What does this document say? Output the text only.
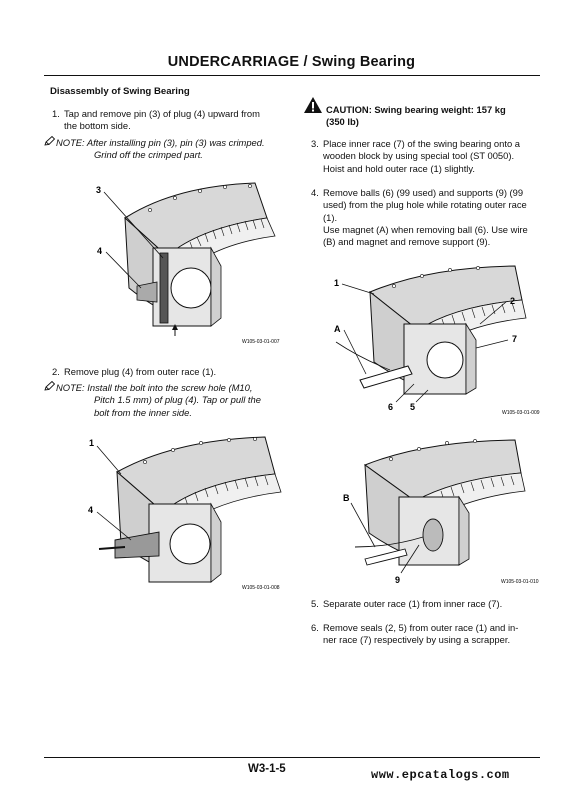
UNDERCARRIAGE / Swing Bearing
Disassembly of Swing Bearing
1. Tap and remove pin (3) of plug (4) upward from
the bottom side.
NOTE: After installing pin (3), pin (3) was crimped.
Grind off the crimped part.
3
4
W105-03-01-007
2. Remove plug (4) from outer race (1).
NOTE: Install the bolt into the screw hole (M10,
Pitch 1.5 mm) of plug (4). Tap or pull the
bolt from the inner side.
1
4
W105-03-01-008
CAUTION: Swing bearing weight: 157 kg
(350 lb)
3. Place inner race (7) of the swing bearing onto a
wooden block by using special tool (ST 0050).
Hoist and hold outer race (1) slightly.
4. Remove balls (6) (99 used) and supports (9) (99
used) from the plug hole while rotating outer race
(1).
Use magnet (A) when removing ball (6). Use wire
(B) and magnet and remove support (9).
1
2
7
A
6 5
W105-03-01-009
B
9	W105-03-01-010
5. Separate outer race (1) from inner race (7).
6. Remove seals (2, 5) from outer race (1) and in-
ner race (7) respectively by using a scrapper.
W3-1-5	www.epcatalogs.com
